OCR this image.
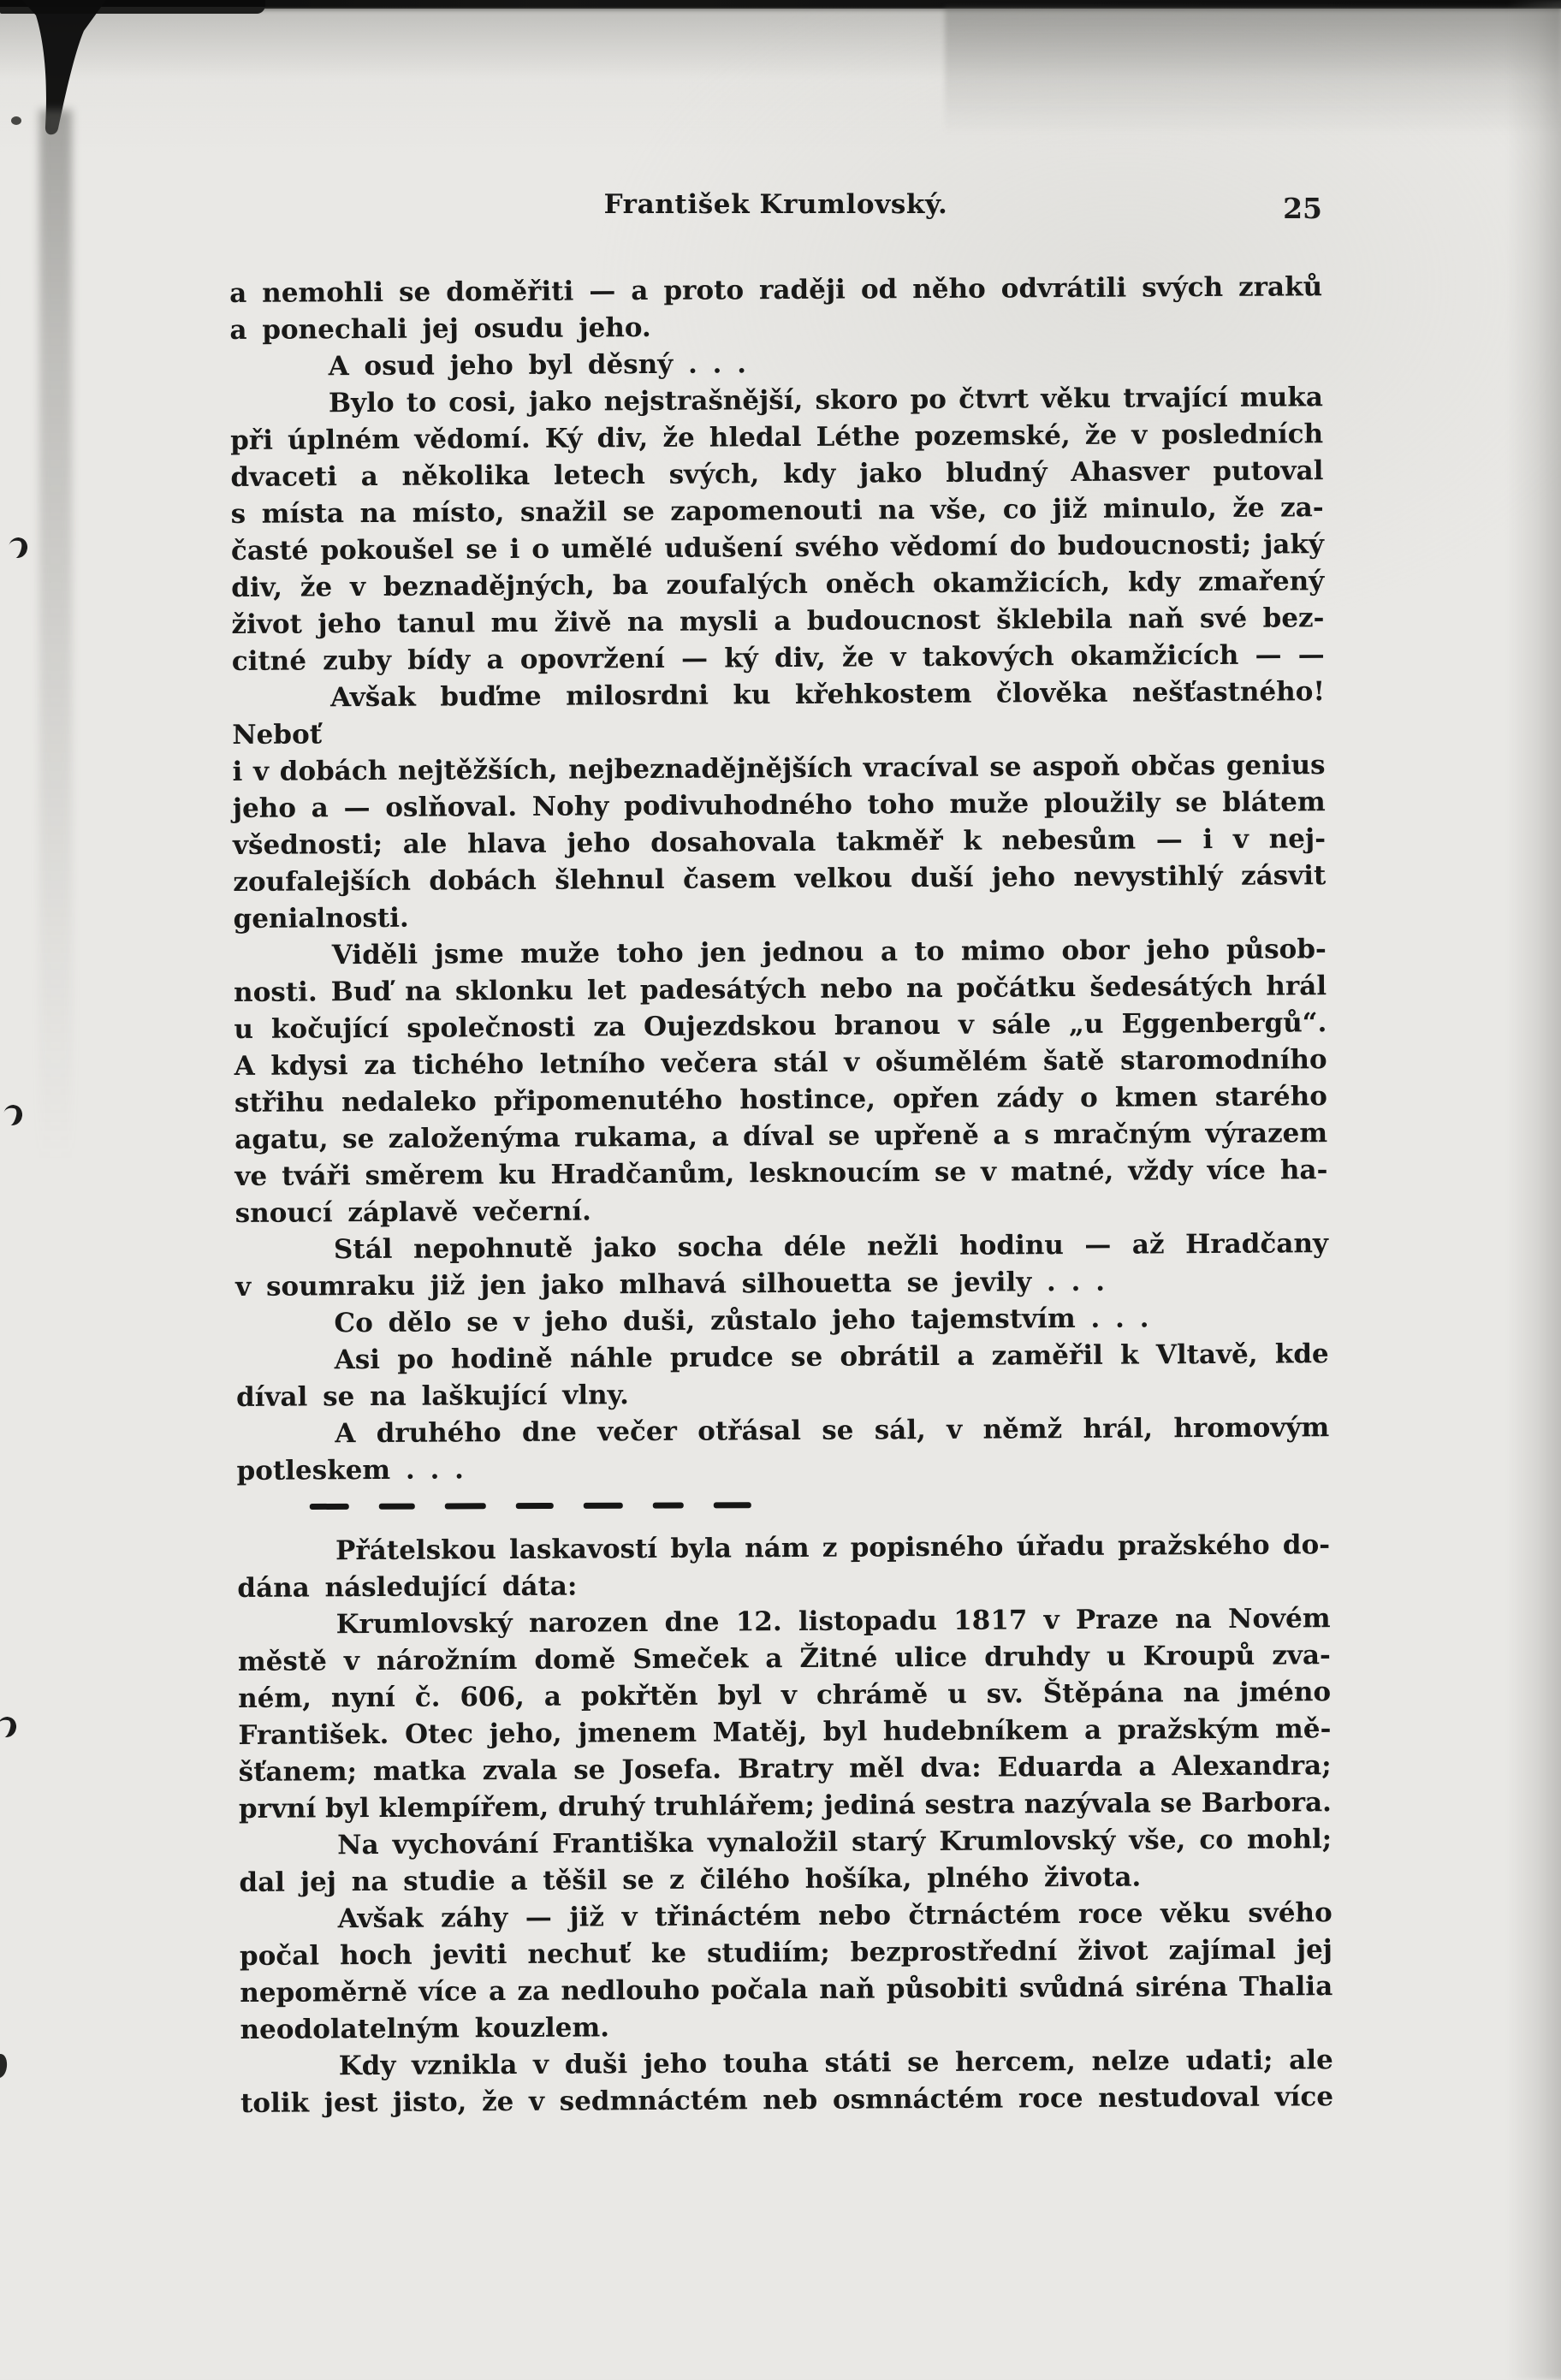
František Krumlovský.	25
a nemohli se doměřiti — a proto raději od něho odvrátili svých zraků
a ponechali jej osudu jeho.
A osud jeho byl děsný . . .
Bylo to cosi, jako nejstrašnější, skoro po čtvrt věku trvající muka
při úplném vědomí. Ký div, že hledal Léthe pozemské, že v posledních
dvaceti a několika letech svých, kdy jako bludný Ahasver putoval
s místa na místo, snažil se zapomenouti na vše, co již minulo, že za-
časté pokoušel se i o umělé udušení svého vědomí do budoucnosti; jaký
div, že v beznadějných, ba zoufalých oněch okamžicích, kdy zmařený
život jeho tanul mu živě na mysli a budoucnost šklebila naň své bez-
citné zuby bídy a opovržení — ký div, že v takových okamžicích — —
Avšak buďme milosrdni ku křehkostem člověka nešťastného! Neboť
i v dobách nejtěžších, nejbeznadějnějších vracíval se aspoň občas genius
jeho a — oslňoval. Nohy podivuhodného toho muže ploužily se blátem
všednosti; ale hlava jeho dosahovala takměř k nebesům — i v nej-
zoufalejších dobách šlehnul časem velkou duší jeho nevystihlý zásvit
genialnosti.
Viděli jsme muže toho jen jednou a to mimo obor jeho působ-
nosti. Buď na sklonku let padesátých nebo na počátku šedesátých hrál
u kočující společnosti za Oujezdskou branou v sále „u Eggenbergů“.
A kdysi za tichého letního večera stál v ošumělém šatě staromodního
střihu nedaleko připomenutého hostince, opřen zády o kmen starého
agatu, se založenýma rukama, a díval se upřeně a s mračným výrazem
ve tváři směrem ku Hradčanům, lesknoucím se v matné, vždy více ha-
snoucí záplavě večerní.
Stál nepohnutě jako socha déle nežli hodinu — až Hradčany
v soumraku již jen jako mlhavá silhouetta se jevily . . .
Co dělo se v jeho duši, zůstalo jeho tajemstvím . . .
Asi po hodině náhle prudce se obrátil a zaměřil k Vltavě, kde
díval se na laškující vlny.
A druhého dne večer otřásal se sál, v němž hrál, hromovým
potleskem . . .
Přátelskou laskavostí byla nám z popisného úřadu pražského do-
dána následující dáta:
Krumlovský narozen dne 12. listopadu 1817 v Praze na Novém
městě v nárožním domě Smeček a Žitné ulice druhdy u Kroupů zva-
ném, nyní č. 606, a pokřtěn byl v chrámě u sv. Štěpána na jméno
František. Otec jeho, jmenem Matěj, byl hudebníkem a pražským mě-
šťanem; matka zvala se Josefa. Bratry měl dva: Eduarda a Alexandra;
první byl klempířem, druhý truhlářem; jediná sestra nazývala se Barbora.
Na vychování Františka vynaložil starý Krumlovský vše, co mohl;
dal jej na studie a těšil se z čilého hošíka, plného života.
Avšak záhy — již v třináctém nebo čtrnáctém roce věku svého
počal hoch jeviti nechuť ke studiím; bezprostřední život zajímal jej
nepoměrně více a za nedlouho počala naň působiti svůdná siréna Thalia
neodolatelným kouzlem.
Kdy vznikla v duši jeho touha státi se hercem, nelze udati; ale
tolik jest jisto, že v sedmnáctém neb osmnáctém roce nestudoval více
